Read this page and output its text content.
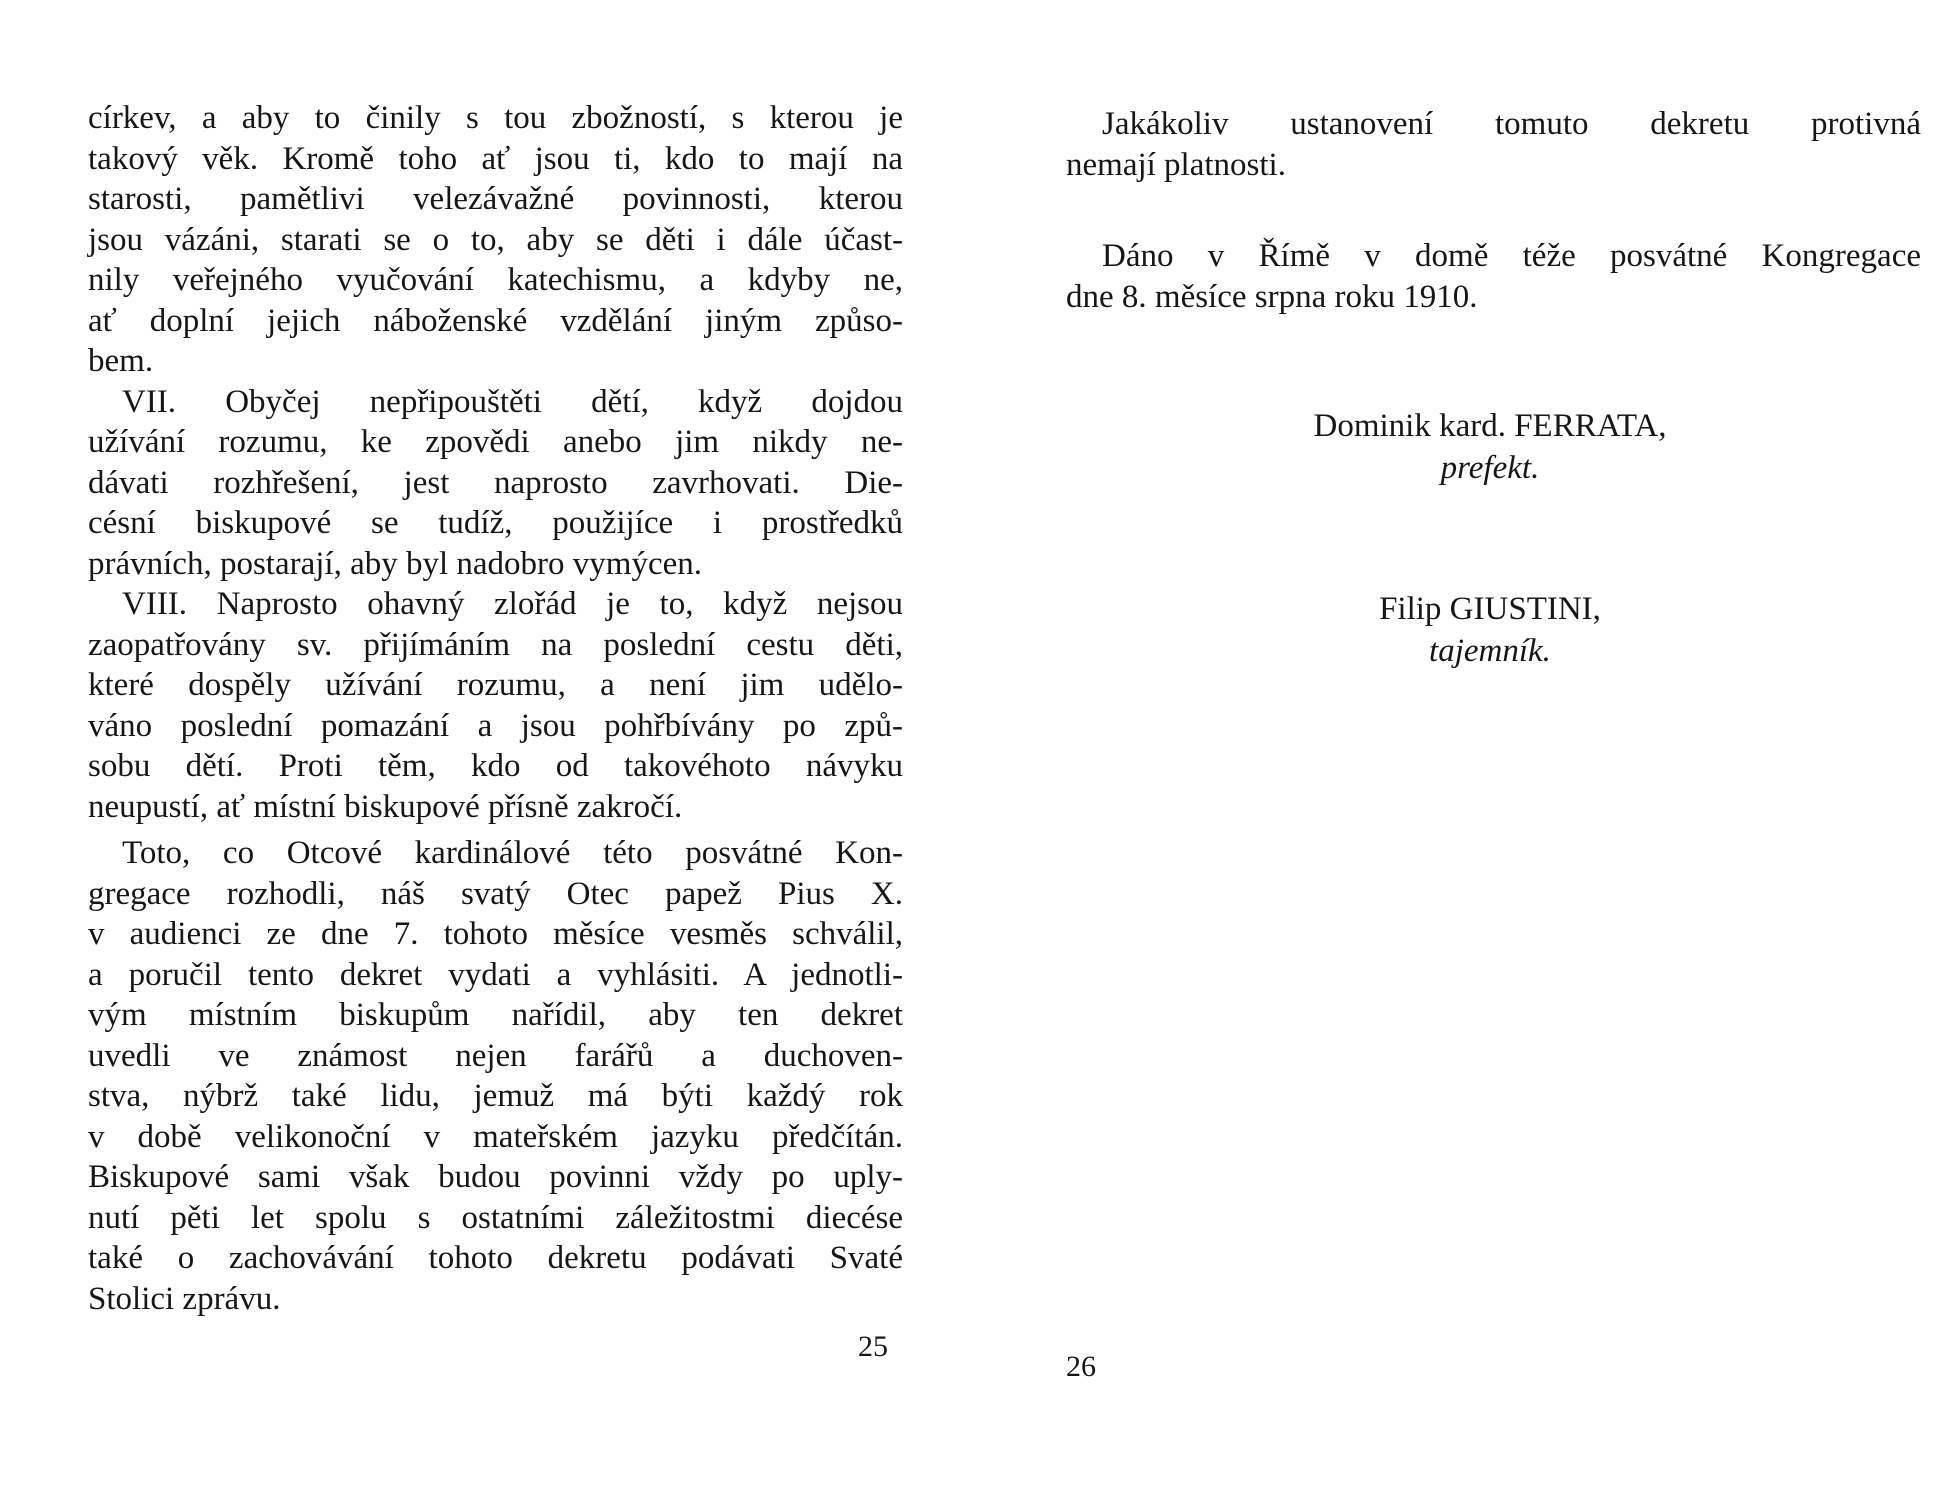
církev, a aby to činily s tou zbožností, s kterou je
takový věk. Kromě toho ať jsou ti, kdo to mají na
starosti, pamětlivi velezávažné povinnosti, kterou
jsou vázáni, starati se o to, aby se děti i dále účast-
nily veřejného vyučování katechismu, a kdyby ne,
ať doplní jejich náboženské vzdělání jiným způso-
bem.
VII. Obyčej nepřipouštěti dětí, když dojdou
užívání rozumu, ke zpovědi anebo jim nikdy ne-
dávati rozhřešení, jest naprosto zavrhovati. Die-
césní biskupové se tudíž, použijíce i prostředků
právních, postarají, aby byl nadobro vymýcen.
VIII. Naprosto ohavný zlořád je to, když nejsou
zaopatřovány sv. přijímáním na poslední cestu děti,
které dospěly užívání rozumu, a není jim udělo-
váno poslední pomazání a jsou pohřbívány po způ-
sobu dětí. Proti těm, kdo od takovéhoto návyku
neupustí, ať místní biskupové přísně zakročí.
Toto, co Otcové kardinálové této posvátné Kon-
gregace rozhodli, náš svatý Otec papež Pius X.
v audienci ze dne 7. tohoto měsíce vesměs schválil,
a poručil tento dekret vydati a vyhlásiti. A jednotli-
vým místním biskupům nařídil, aby ten dekret
uvedli ve známost nejen farářů a duchoven-
stva, nýbrž také lidu, jemuž má býti každý rok
v době velikonoční v mateřském jazyku předčítán.
Biskupové sami však budou povinni vždy po uply-
nutí pěti let spolu s ostatními záležitostmi diecése
také o zachovávání tohoto dekretu podávati Svaté
Stolici zprávu.
25
Jakákoliv ustanovení tomuto dekretu protivná
nemají platnosti.
Dáno v Římě v domě téže posvátné Kongregace
dne 8. měsíce srpna roku 1910.
Dominik kard. FERRATA,
prefekt.
Filip GIUSTINI,
tajemník.
26
